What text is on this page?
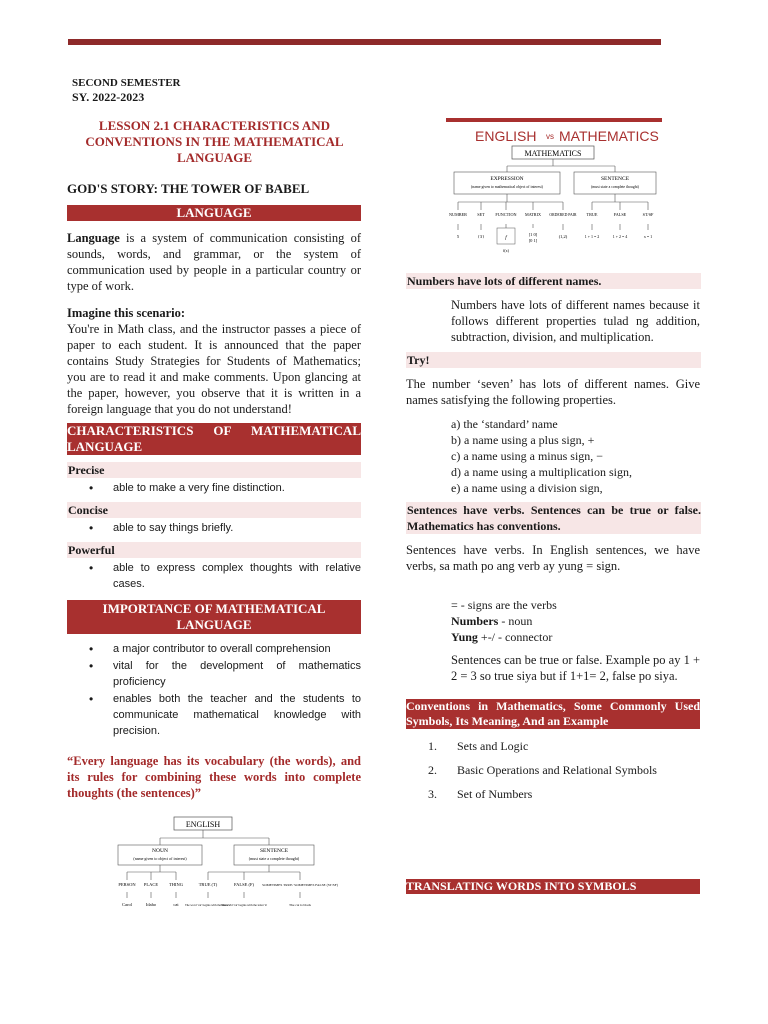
SECOND SEMESTER
SY. 2022-2023
LESSON 2.1 CHARACTERISTICS AND CONVENTIONS IN THE MATHEMATICAL LANGUAGE
GOD'S STORY: THE TOWER OF BABEL
LANGUAGE
Language is a system of communication consisting of sounds, words, and grammar, or the system of communication used by people in a particular country or type of work.
Imagine this scenario:
You're in Math class, and the instructor passes a piece of paper to each student. It is announced that the paper contains Study Strategies for Students of Mathematics; you are to read it and make comments. Upon glancing at the paper, however, you observe that it is written in a foreign language that you do not understand!
CHARACTERISTICS OF MATHEMATICAL LANGUAGE
Precise
• able to make a very fine distinction.
Concise
• able to say things briefly.
Powerful
• able to express complex thoughts with relative cases.
IMPORTANCE OF MATHEMATICAL LANGUAGE
• a major contributor to overall comprehension
• vital for the development of mathematics proficiency
• enables both the teacher and the students to communicate mathematical knowledge with precision.
“Every language has its vocabulary (the words), and its rules for combining these words into complete thoughts (the sentences)”
ENGLISH
NOUN
(name given to object of interest)
SENTENCE
(must state a complete thought)
PERSON PLACE THING	TRUE (T)	FALSE (F) SOMETIMES TRUE/ SOMETIMES FALSE (ST/SF)
Carol	Idaho	cat The word 'cat' begins with the letter 'c'
The word 'cat' begins with the letter 'k'	The cat is black
ENGLISH vs MATHEMATICS
MATHEMATICS
EXPRESSION
(name given to mathematical object of interest)
SENTENCE
(must state a complete thought)
NUMBER SET	FUNCTION MATRIX ORDERED PAIR TRUE	FALSE	ST/SF
5	{3}	f
f(x)
[1 0]
[0 1]
(1,2)	1 + 1 = 2	1 + 2 = 4	x = 1
Numbers have lots of different names.
Numbers have lots of different names because it follows different properties tulad ng addition, subtraction, division, and multiplication.
Try!
The number ‘seven’ has lots of different names. Give names satisfying the following properties.
a) the ‘standard’ name
b) a name using a plus sign, +
c) a name using a minus sign, −
d) a name using a multiplication sign,
e) a name using a division sign,
Sentences have verbs. Sentences can be true or false. Mathematics has conventions.
Sentences have verbs. In English sentences, we have verbs, sa math po ang verb ay yung = sign.
= - signs are the verbs
Numbers - noun
Yung +-/ - connector
Sentences can be true or false. Example po ay 1 + 2 = 3 so true siya but if 1+1= 2, false po siya.
Conventions in Mathematics, Some Commonly Used Symbols, Its Meaning, And an Example
1. Sets and Logic
2. Basic Operations and Relational Symbols
3. Set of Numbers
TRANSLATING WORDS INTO SYMBOLS
